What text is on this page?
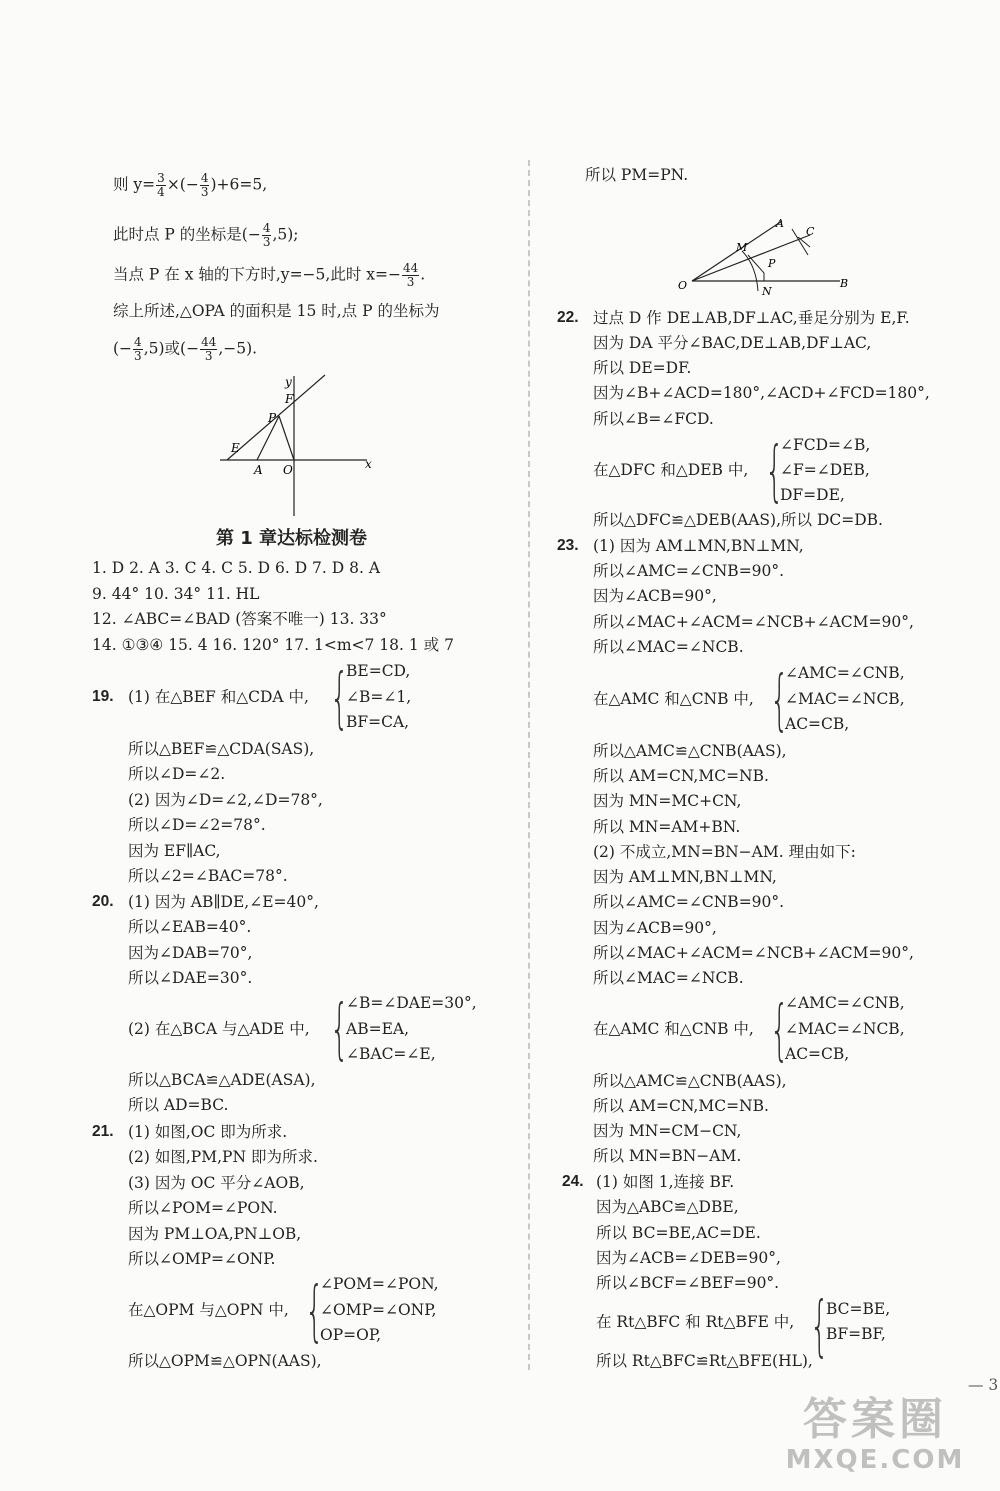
则 $y= \frac{3}{4}$ ×(− $\frac{4}{3} )+6=5$,
此时点 P 的坐标是(− $\frac{4}{3} ,5$);
当点 P 在 x 轴的下方时,y=−5,此时 $x=- \frac{44}{3}$ .
综上所述,△OPA 的面积是 15 时,点 P 的坐标为
(− $\frac{4}{3} ,5$)或(− $\frac{44}{3} ,-5$).
y
F
P
E
A O	x
第 1 章达标检测卷
1. D 2. A 3. C 4. C 5. D 6. D 7. D 8. A
9. 44° 10. 34° 11. HL
12. ∠ABC=∠BAD (答案不唯一) 13. 33°
14. ①③④ 15. 4 16. 120° 17. 1<m<7 18. 1 或 7
19. (1) 在△BEF 和△CDA 中, {
BE=CD,
∠B=∠1,
BF=CA,
所以△BEF≌△CDA(SAS),
所以∠D=∠2.
(2) 因为∠D=∠2,∠D=78°,
所以∠D=∠2=78°.
因为 EF∥AC,
所以∠2=∠BAC=78°.
20. (1) 因为 AB∥DE,∠E=40°,
所以∠EAB=40°.
因为∠DAB=70°,
所以∠DAE=30°.
(2) 在△BCA 与△ADE 中, {
∠B=∠DAE=30°,
AB=EA,
∠BAC=∠E,
所以△BCA≌△ADE(ASA),
所以 AD=BC.
21. (1) 如图,OC 即为所求.
(2) 如图,PM,PN 即为所求.
(3) 因为 OC 平分∠AOB,
所以∠POM=∠PON.
因为 PM⊥OA,PN⊥OB,
所以∠OMP=∠ONP.
在△OPM 与△OPN 中, {
∠POM=∠PON,
∠OMP=∠ONP,
OP=OP,
所以△OPM≌△OPN(AAS),
所以 PM=PN.
A
M
C
P
O	N
B
22. 过点 D 作 DE⊥AB,DF⊥AC,垂足分别为 E,F.
因为 DA 平分∠BAC,DE⊥AB,DF⊥AC,
所以 DE=DF.
因为∠B+∠ACD=180°,∠ACD+∠FCD=180°,
所以∠B=∠FCD.
在△DFC 和△DEB 中, {
∠FCD=∠B,
∠F=∠DEB,
DF=DE,
所以△DFC≌△DEB(AAS),所以 DC=DB.
23. (1) 因为 AM⊥MN,BN⊥MN,
所以∠AMC=∠CNB=90°.
因为∠ACB=90°,
所以∠MAC+∠ACM=∠NCB+∠ACM=90°,
所以∠MAC=∠NCB.
在△AMC 和△CNB 中, {
∠AMC=∠CNB,
∠MAC=∠NCB,
AC=CB,
所以△AMC≌△CNB(AAS),
所以 AM=CN,MC=NB.
因为 MN=MC+CN,
所以 MN=AM+BN.
(2) 不成立,MN=BN−AM. 理由如下:
因为 AM⊥MN,BN⊥MN,
所以∠AMC=∠CNB=90°.
因为∠ACB=90°,
所以∠MAC+∠ACM=∠NCB+∠ACM=90°,
所以∠MAC=∠NCB.
在△AMC 和△CNB 中, {
∠AMC=∠CNB,
∠MAC=∠NCB,
AC=CB,
所以△AMC≌△CNB(AAS),
所以 AM=CN,MC=NB.
因为 MN=CM−CN,
所以 MN=BN−AM.
24. (1) 如图 1,连接 BF.
因为△ABC≌△DBE,
所以 BC=BE,AC=DE.
因为∠ACB=∠DEB=90°,
所以∠BCF=∠BEF=90°.
在 Rt△BFC 和 Rt△BFE 中, {
BC=BE,
BF=BF,
所以 Rt△BFC≌Rt△BFE(HL),
— 3
答案圈
MXQE.COM
